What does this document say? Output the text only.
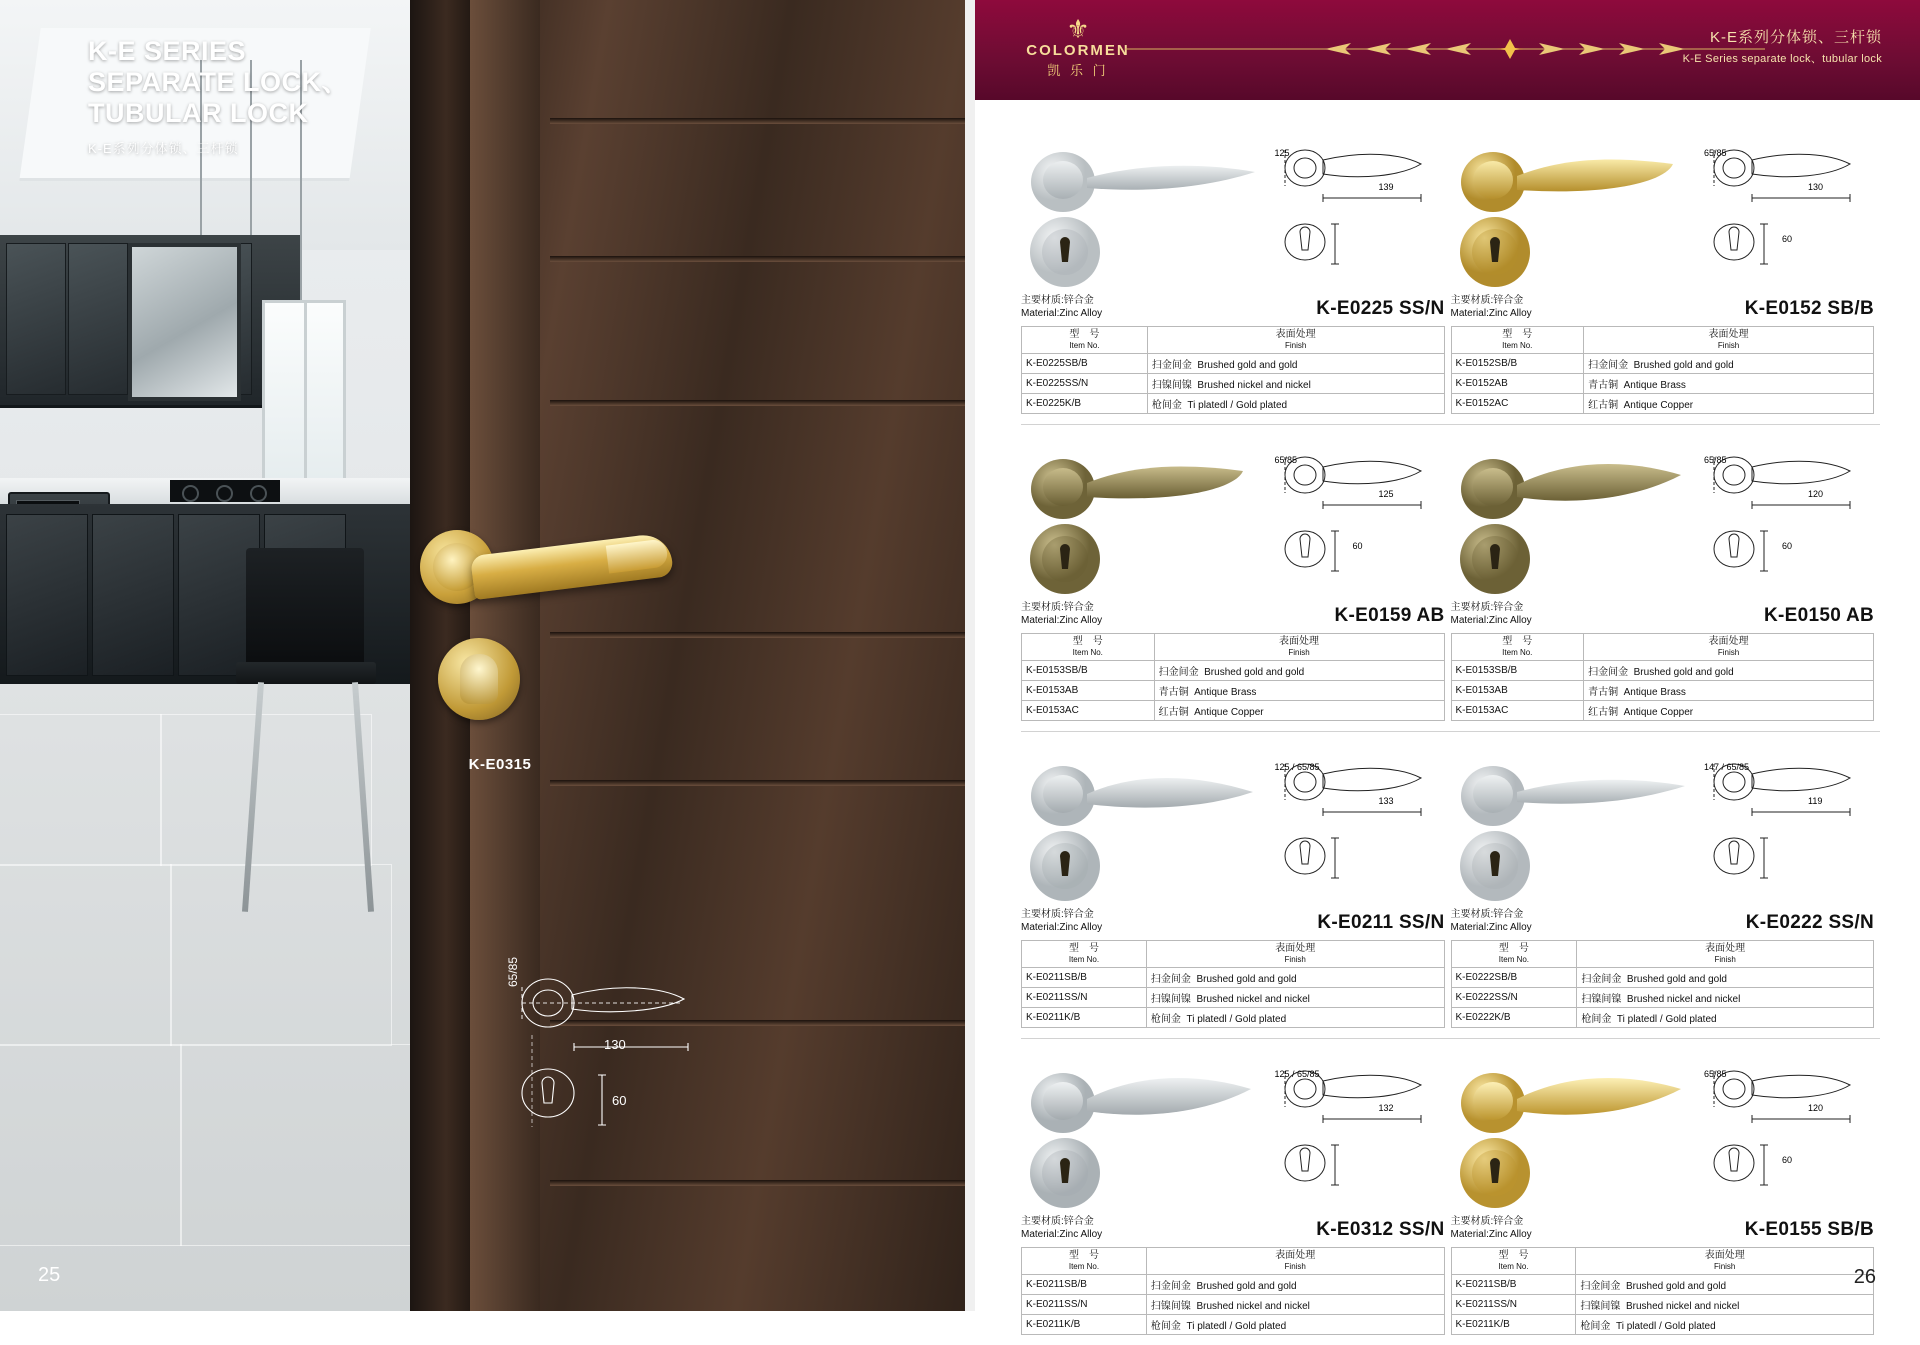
K-E SERIES
SEPARATE LOCK、
TUBULAR LOCK
K-E系列分体锁、三杆锁
K-E0315
65/85
130
60
25
⚜
COLORMEN
凯 乐 门
K-E系列分体锁、三杆锁
K-E Series separate lock、tubular lock
125
139
主要材质:锌合金
Material:Zinc Alloy	K-E0225 SS/N
型　号
Item No.	表面处理
Finish
K-E0225SB/B	扫金间金  Brushed gold and gold
K-E0225SS/N	扫镍间镍  Brushed nickel and nickel
K-E0225K/B	枪间金  Ti platedl / Gold plated
65/85
130
60
主要材质:锌合金
Material:Zinc Alloy	K-E0152 SB/B
型　号
Item No.	表面处理
Finish
K-E0152SB/B	扫金间金  Brushed gold and gold
K-E0152AB	青古铜  Antique Brass
K-E0152AC	红古铜  Antique Copper
65/85
125
60
主要材质:锌合金
Material:Zinc Alloy	K-E0159 AB
型　号
Item No.	表面处理
Finish
K-E0153SB/B	扫金间金  Brushed gold and gold
K-E0153AB	青古铜  Antique Brass
K-E0153AC	红古铜  Antique Copper
65/85
120
60
主要材质:锌合金
Material:Zinc Alloy	K-E0150 AB
型　号
Item No.	表面处理
Finish
K-E0153SB/B	扫金间金  Brushed gold and gold
K-E0153AB	青古铜  Antique Brass
K-E0153AC	红古铜  Antique Copper
125 / 65/85
133
主要材质:锌合金
Material:Zinc Alloy	K-E0211 SS/N
型　号
Item No.	表面处理
Finish
K-E0211SB/B	扫金间金  Brushed gold and gold
K-E0211SS/N	扫镍间镍  Brushed nickel and nickel
K-E0211K/B	枪间金  Ti platedl / Gold plated
147 / 65/85
119
主要材质:锌合金
Material:Zinc Alloy	K-E0222 SS/N
型　号
Item No.	表面处理
Finish
K-E0222SB/B	扫金间金  Brushed gold and gold
K-E0222SS/N	扫镍间镍  Brushed nickel and nickel
K-E0222K/B	枪间金  Ti platedl / Gold plated
125 / 65/85
132
主要材质:锌合金
Material:Zinc Alloy	K-E0312 SS/N
型　号
Item No.	表面处理
Finish
K-E0211SB/B	扫金间金  Brushed gold and gold
K-E0211SS/N	扫镍间镍  Brushed nickel and nickel
K-E0211K/B	枪间金  Ti platedl / Gold plated
65/85
120
60
主要材质:锌合金
Material:Zinc Alloy	K-E0155 SB/B
型　号
Item No.	表面处理
Finish
K-E0211SB/B	扫金间金  Brushed gold and gold
K-E0211SS/N	扫镍间镍  Brushed nickel and nickel
K-E0211K/B	枪间金  Ti platedl / Gold plated
26
